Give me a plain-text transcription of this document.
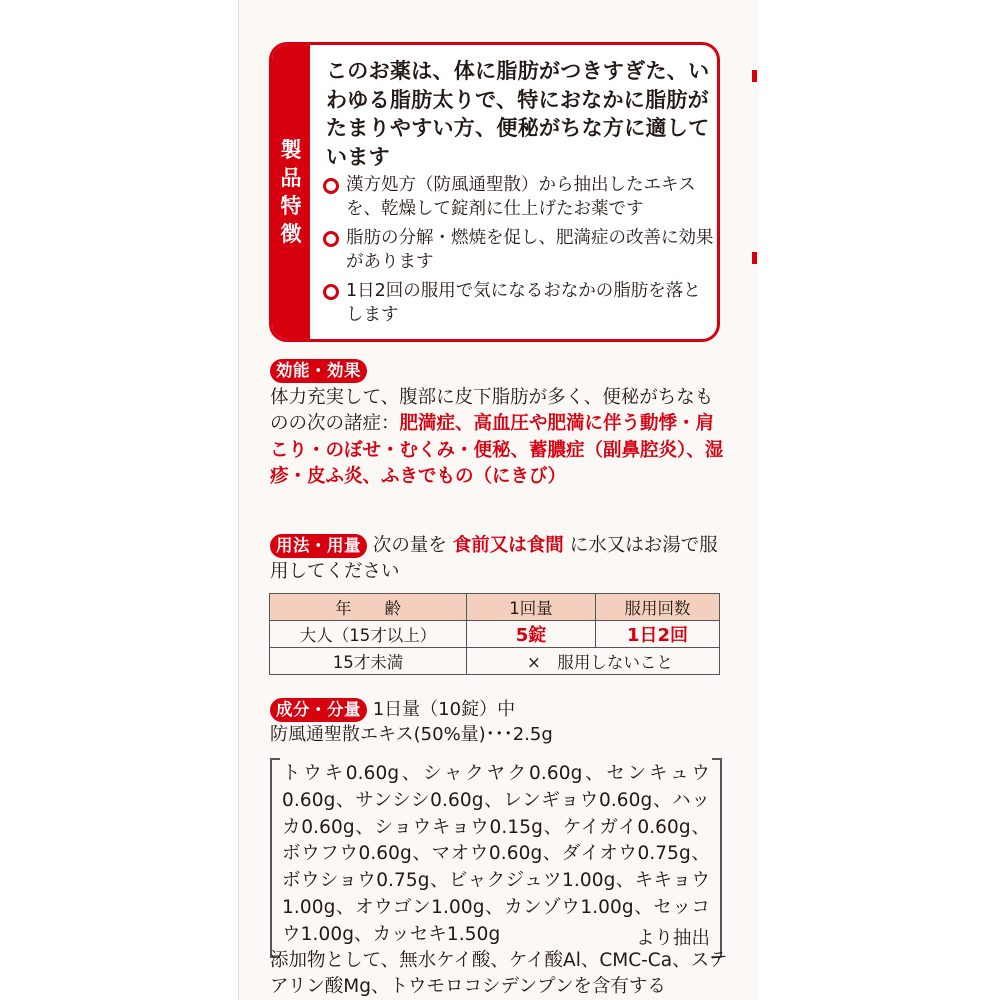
製
品
特
徴

このお薬は、体に脂肪がつきすぎた、いわゆる脂肪太りで、特におなかに脂肪がたまりやすい方、便秘がちな方に適しています

漢方処方（防風通聖散）から抽出したエキスを、乾燥して錠剤に仕上げたお薬です
脂肪の分解・燃焼を促し、肥満症の改善に効果があります
1日2回の服用で気になるおなかの脂肪を落とします
効能・効果

体力充実して、腹部に皮下脂肪が多く、便秘がちなものの次の諸症：肥満症、高血圧や肥満に伴う動悸・肩こり・のぼせ・むくみ・便秘、蓄膿症（副鼻腔炎）、湿疹・皮ふ炎、ふきでもの（にきび）

用法・用量 次の量を 食前又は食間 に水又はお湯で服用してください

年　　齢	1回量	服用回数
大人（15才以上）	5錠	1日2回
15才未満	×　服用しないこと	

成分・分量 1日量（10錠）中

防風通聖散エキス(50%量)･･･2.5g

トウキ0.60g、シャクヤク0.60g、センキュウ0.60g、サンシシ0.60g、レンギョウ0.60g、ハッカ0.60g、ショウキョウ0.15g、ケイガイ0.60g、ボウフウ0.60g、マオウ0.60g、ダイオウ0.75g、ボウショウ0.75g、ビャクジュツ1.00g、キキョウ1.00g、オウゴン1.00g、カンゾウ1.00g、セッコウ1.00g、カッセキ1.50g	より抽出

添加物として、無水ケイ酸、ケイ酸Al、CMC-Ca、ステアリン酸Mg、トウモロコシデンプンを含有する
